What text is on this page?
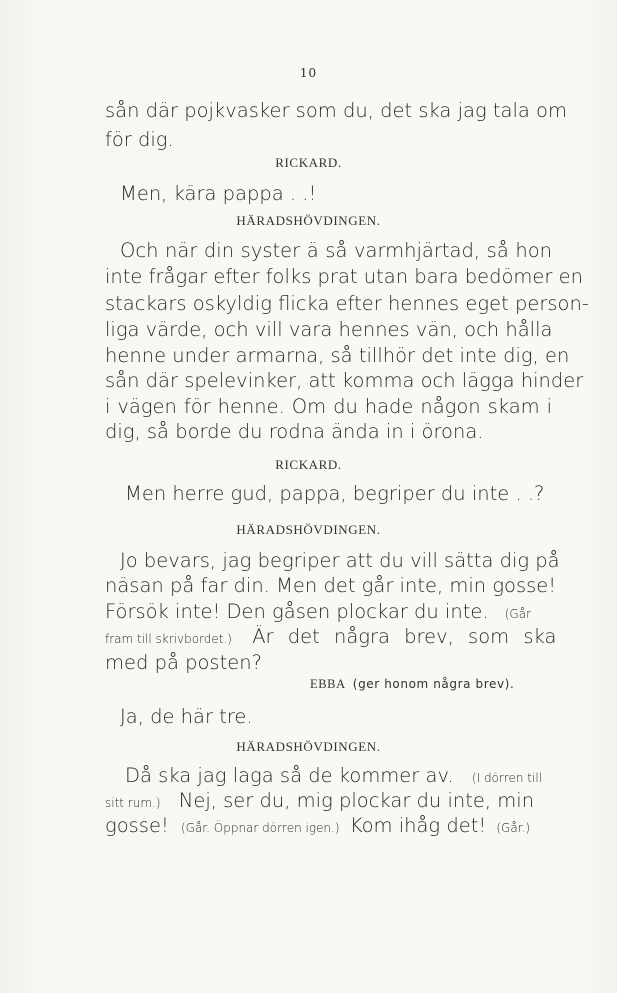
10
sån där pojkvasker som du, det ska jag tala om
för dig.
RICKARD.
Men, kära pappa . .!
HÄRADSHÖVDINGEN.
Och när din syster ä så varmhjärtad, så hon
inte frågar efter folks prat utan bara bedömer en
stackars oskyldig flicka efter hennes eget person-
liga värde, och vill vara hennes vän, och hålla
henne under armarna, så tillhör det inte dig, en
sån där spelevinker, att komma och lägga hinder
i vägen för henne. Om du hade någon skam i
dig, så borde du rodna ända in i örona.
RICKARD.
Men herre gud, pappa, begriper du inte . .?
HÄRADSHÖVDINGEN.
Jo bevars, jag begriper att du vill sätta dig på
näsan på far din. Men det går inte, min gosse!
Försök inte! Den gåsen plockar du inte. (Går
fram till skrivbordet.) Är det några brev, som ska
med på posten?
EBBA (ger honom några brev).
Ja, de här tre.
HÄRADSHÖVDINGEN.
Då ska jag laga så de kommer av. (I dörren till
sitt rum.) Nej, ser du, mig plockar du inte, min
gosse! (Går. Öppnar dörren igen.) Kom ihåg det! (Går.)
